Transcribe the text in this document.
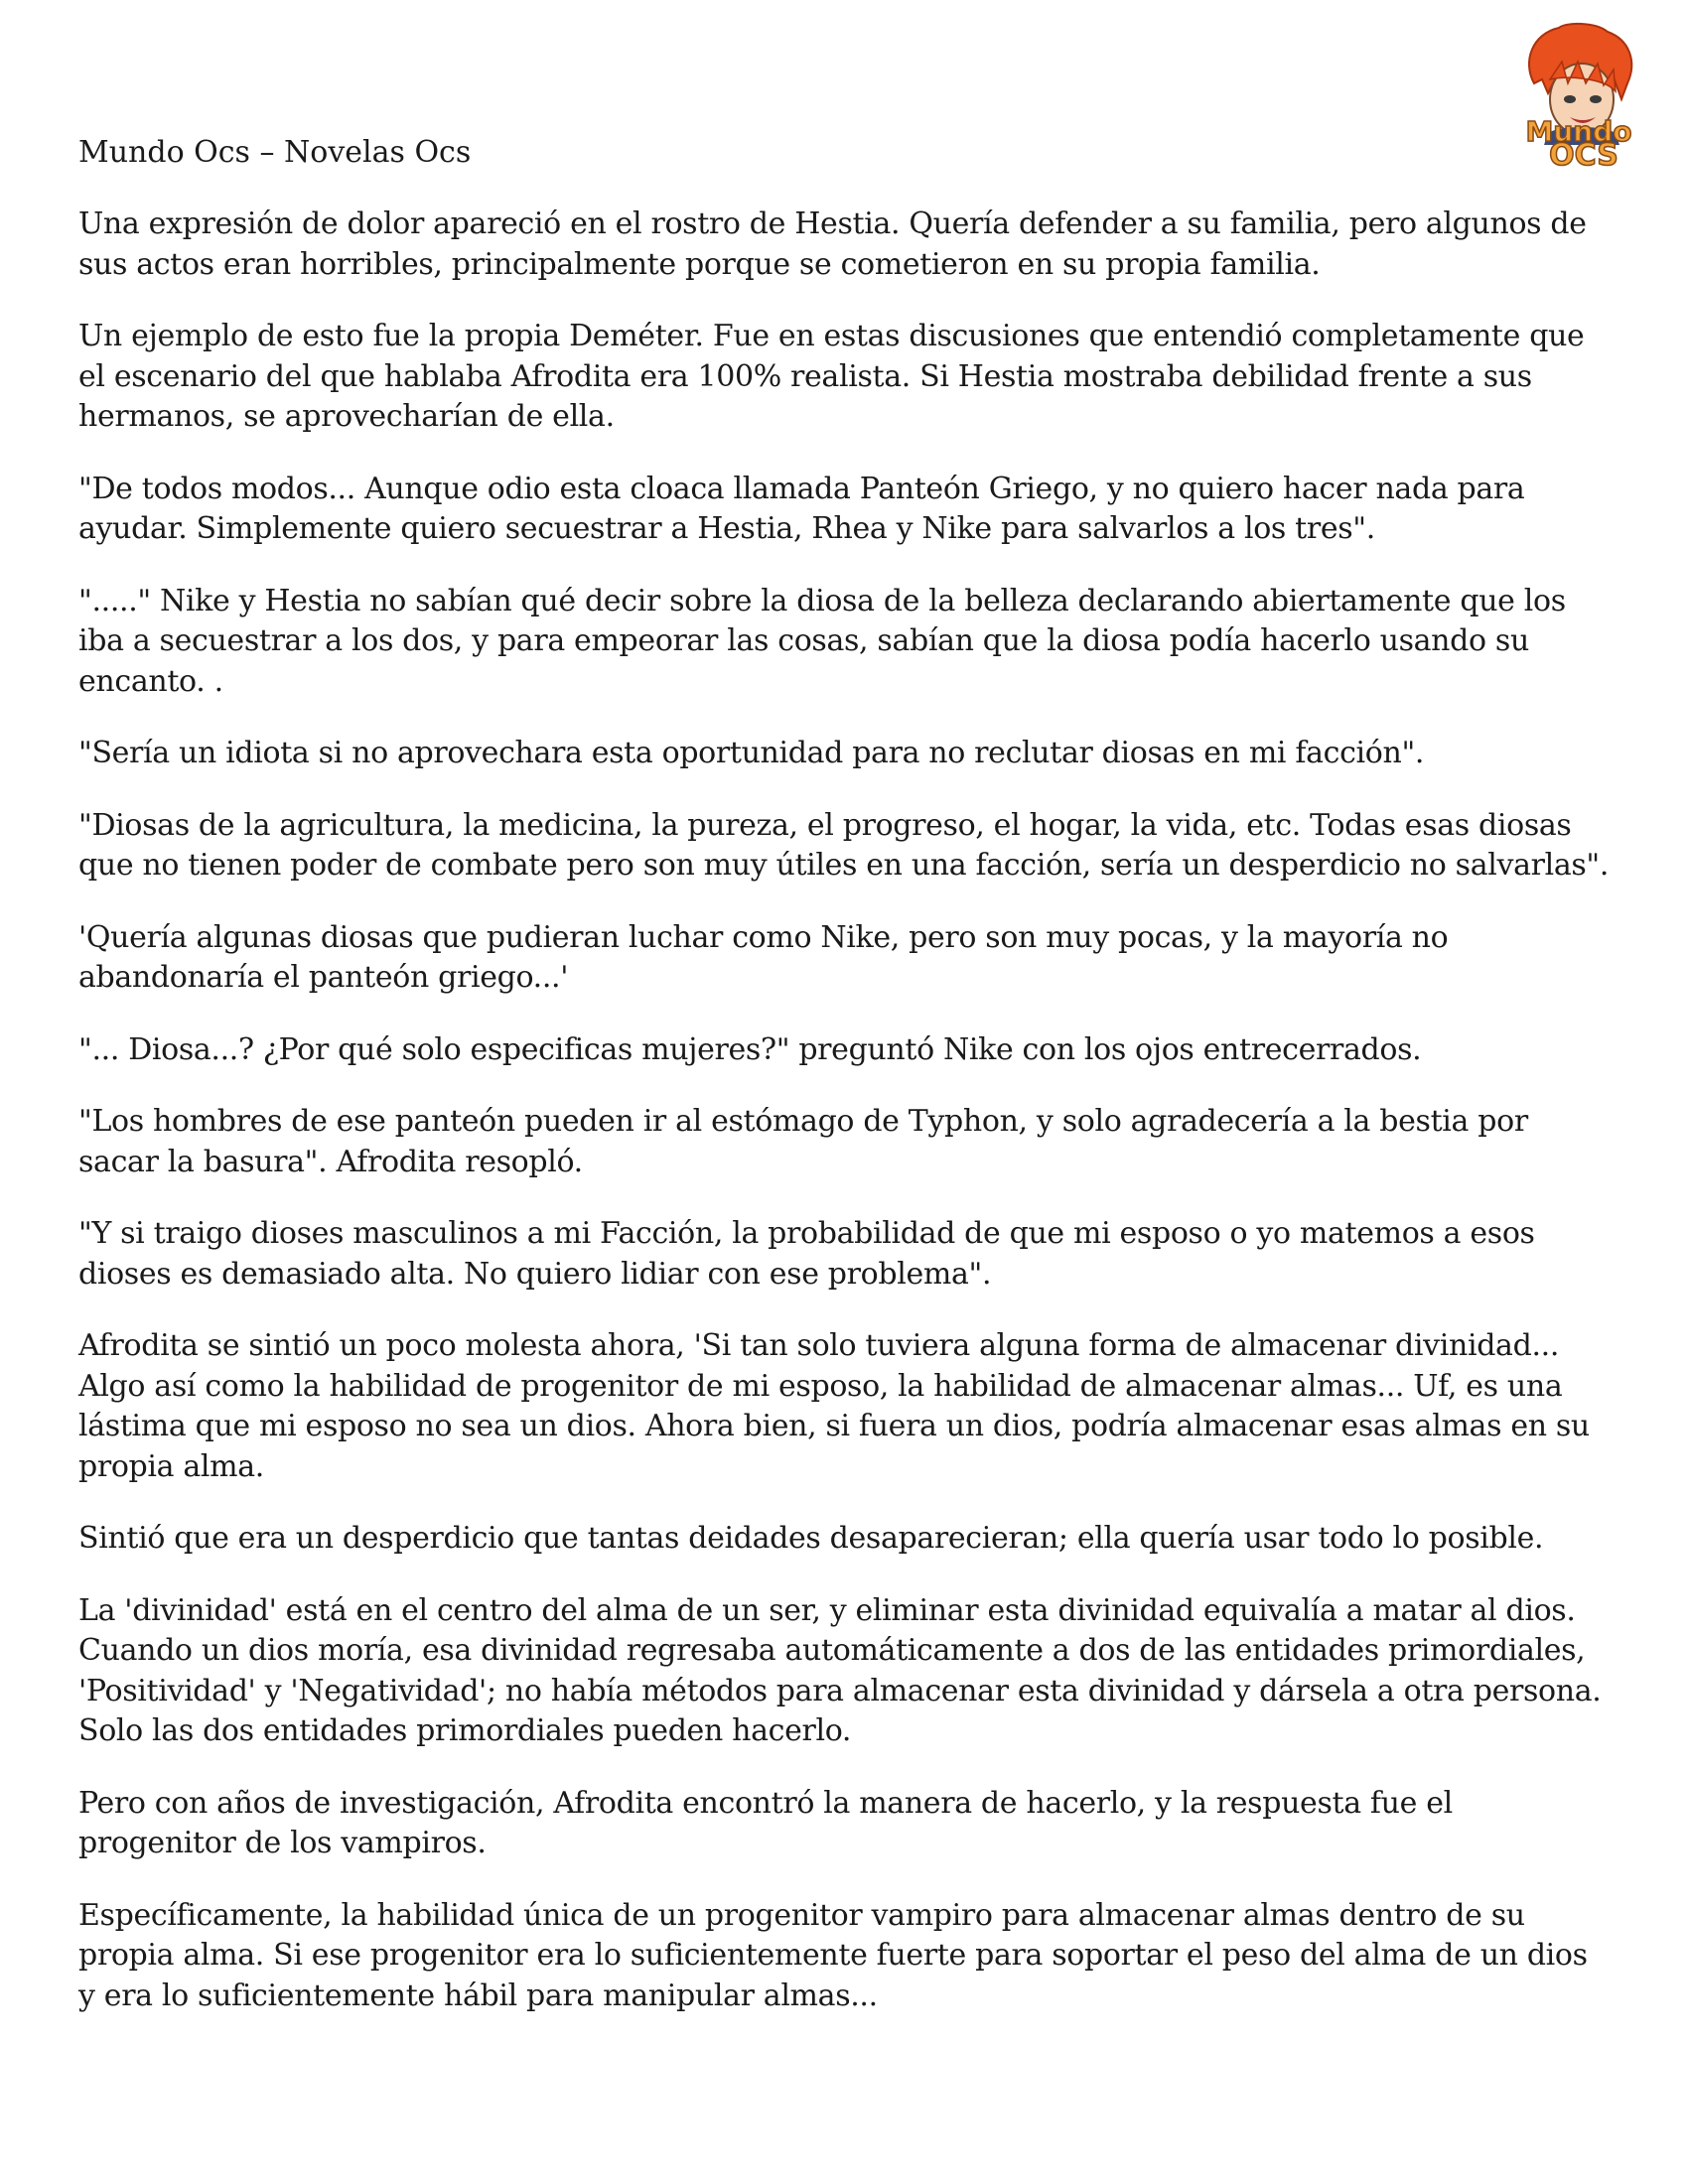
Mundo Ocs – Novelas Ocs
Mundo
OCS

Una expresión de dolor apareció en el rostro de Hestia. Quería defender a su familia, pero algunos de sus actos eran horribles, principalmente porque se cometieron en su propia familia.

Un ejemplo de esto fue la propia Deméter. Fue en estas discusiones que entendió completamente que el escenario del que hablaba Afrodita era 100% realista. Si Hestia mostraba debilidad frente a sus hermanos, se aprovecharían de ella.

"De todos modos... Aunque odio esta cloaca llamada Panteón Griego, y no quiero hacer nada para ayudar. Simplemente quiero secuestrar a Hestia, Rhea y Nike para salvarlos a los tres".

"....." Nike y Hestia no sabían qué decir sobre la diosa de la belleza declarando abiertamente que los iba a secuestrar a los dos, y para empeorar las cosas, sabían que la diosa podía hacerlo usando su encanto. .

"Sería un idiota si no aprovechara esta oportunidad para no reclutar diosas en mi facción".

"Diosas de la agricultura, la medicina, la pureza, el progreso, el hogar, la vida, etc. Todas esas diosas que no tienen poder de combate pero son muy útiles en una facción, sería un desperdicio no salvarlas".

'Quería algunas diosas que pudieran luchar como Nike, pero son muy pocas, y la mayoría no abandonaría el panteón griego...'

"... Diosa...? ¿Por qué solo especificas mujeres?" preguntó Nike con los ojos entrecerrados.

"Los hombres de ese panteón pueden ir al estómago de Typhon, y solo agradecería a la bestia por sacar la basura". Afrodita resopló.

"Y si traigo dioses masculinos a mi Facción, la probabilidad de que mi esposo o yo matemos a esos dioses es demasiado alta. No quiero lidiar con ese problema".

Afrodita se sintió un poco molesta ahora, 'Si tan solo tuviera alguna forma de almacenar divinidad... Algo así como la habilidad de progenitor de mi esposo, la habilidad de almacenar almas... Uf, es una lástima que mi esposo no sea un dios. Ahora bien, si fuera un dios, podría almacenar esas almas en su propia alma.

Sintió que era un desperdicio que tantas deidades desaparecieran; ella quería usar todo lo posible.

La 'divinidad' está en el centro del alma de un ser, y eliminar esta divinidad equivalía a matar al dios. Cuando un dios moría, esa divinidad regresaba automáticamente a dos de las entidades primordiales, 'Positividad' y 'Negatividad'; no había métodos para almacenar esta divinidad y dársela a otra persona. Solo las dos entidades primordiales pueden hacerlo.

Pero con años de investigación, Afrodita encontró la manera de hacerlo, y la respuesta fue el progenitor de los vampiros.

Específicamente, la habilidad única de un progenitor vampiro para almacenar almas dentro de su propia alma. Si ese progenitor era lo suficientemente fuerte para soportar el peso del alma de un dios y era lo suficientemente hábil para manipular almas...
